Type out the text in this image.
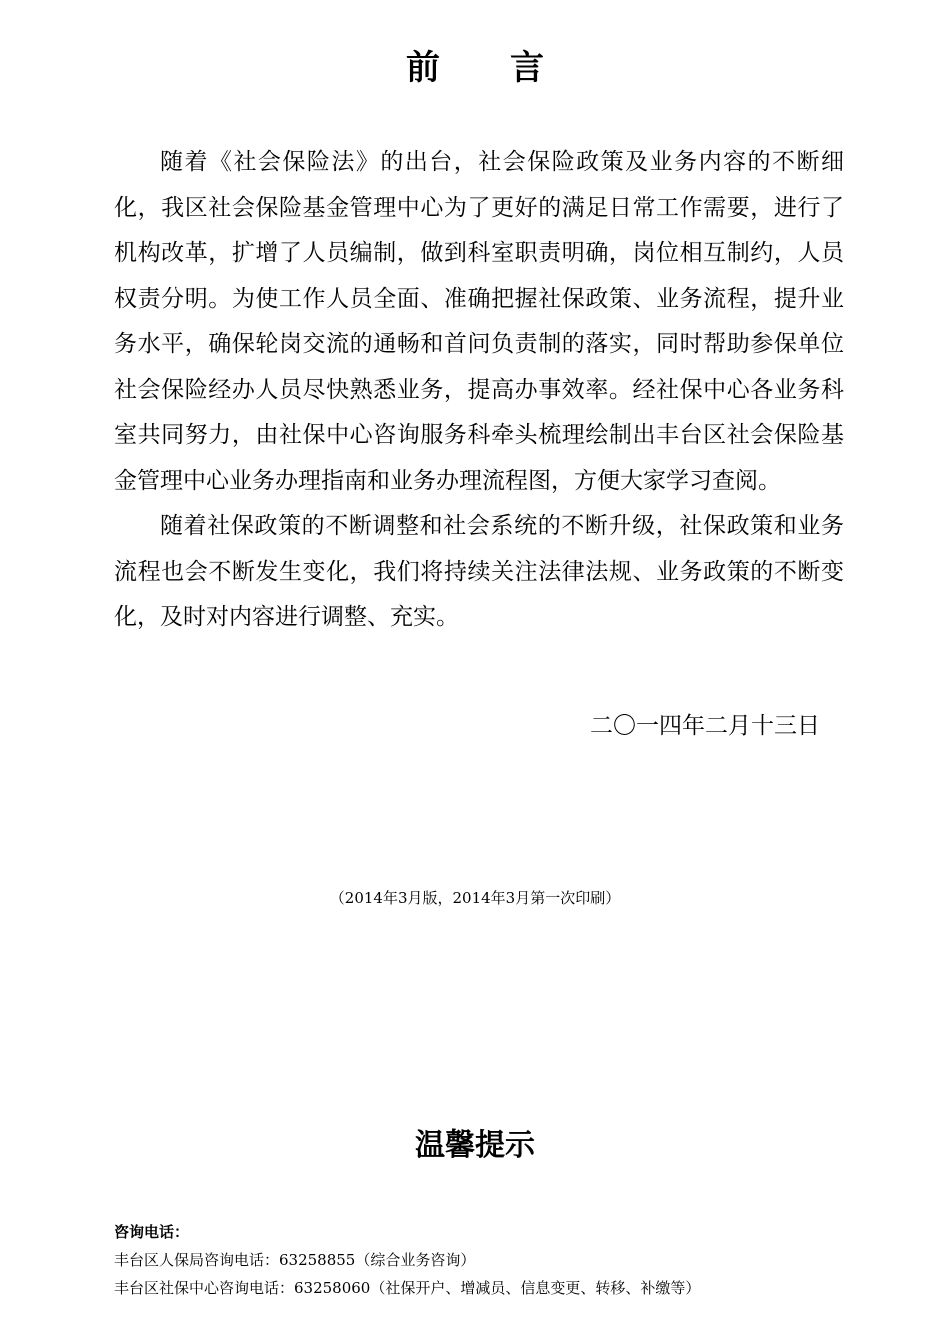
前 言

随着《社会保险法》的出台，社会保险政策及业务内容的不断细化，我区社会保险基金管理中心为了更好的满足日常工作需要，进行了机构改革，扩增了人员编制，做到科室职责明确，岗位相互制约，人员权责分明。为使工作人员全面、准确把握社保政策、业务流程，提升业务水平，确保轮岗交流的通畅和首问负责制的落实，同时帮助参保单位社会保险经办人员尽快熟悉业务，提高办事效率。经社保中心各业务科室共同努力，由社保中心咨询服务科牵头梳理绘制出丰台区社会保险基金管理中心业务办理指南和业务办理流程图，方便大家学习查阅。

随着社保政策的不断调整和社会系统的不断升级，社保政策和业务流程也会不断发生变化，我们将持续关注法律法规、业务政策的不断变化，及时对内容进行调整、充实。

二〇一四年二月十三日
（2014年3月版，2014年3月第一次印刷）
温馨提示
咨询电话：
丰台区人保局咨询电话：63258855（综合业务咨询）
丰台区社保中心咨询电话：63258060（社保开户、增减员、信息变更、转移、补缴等）
